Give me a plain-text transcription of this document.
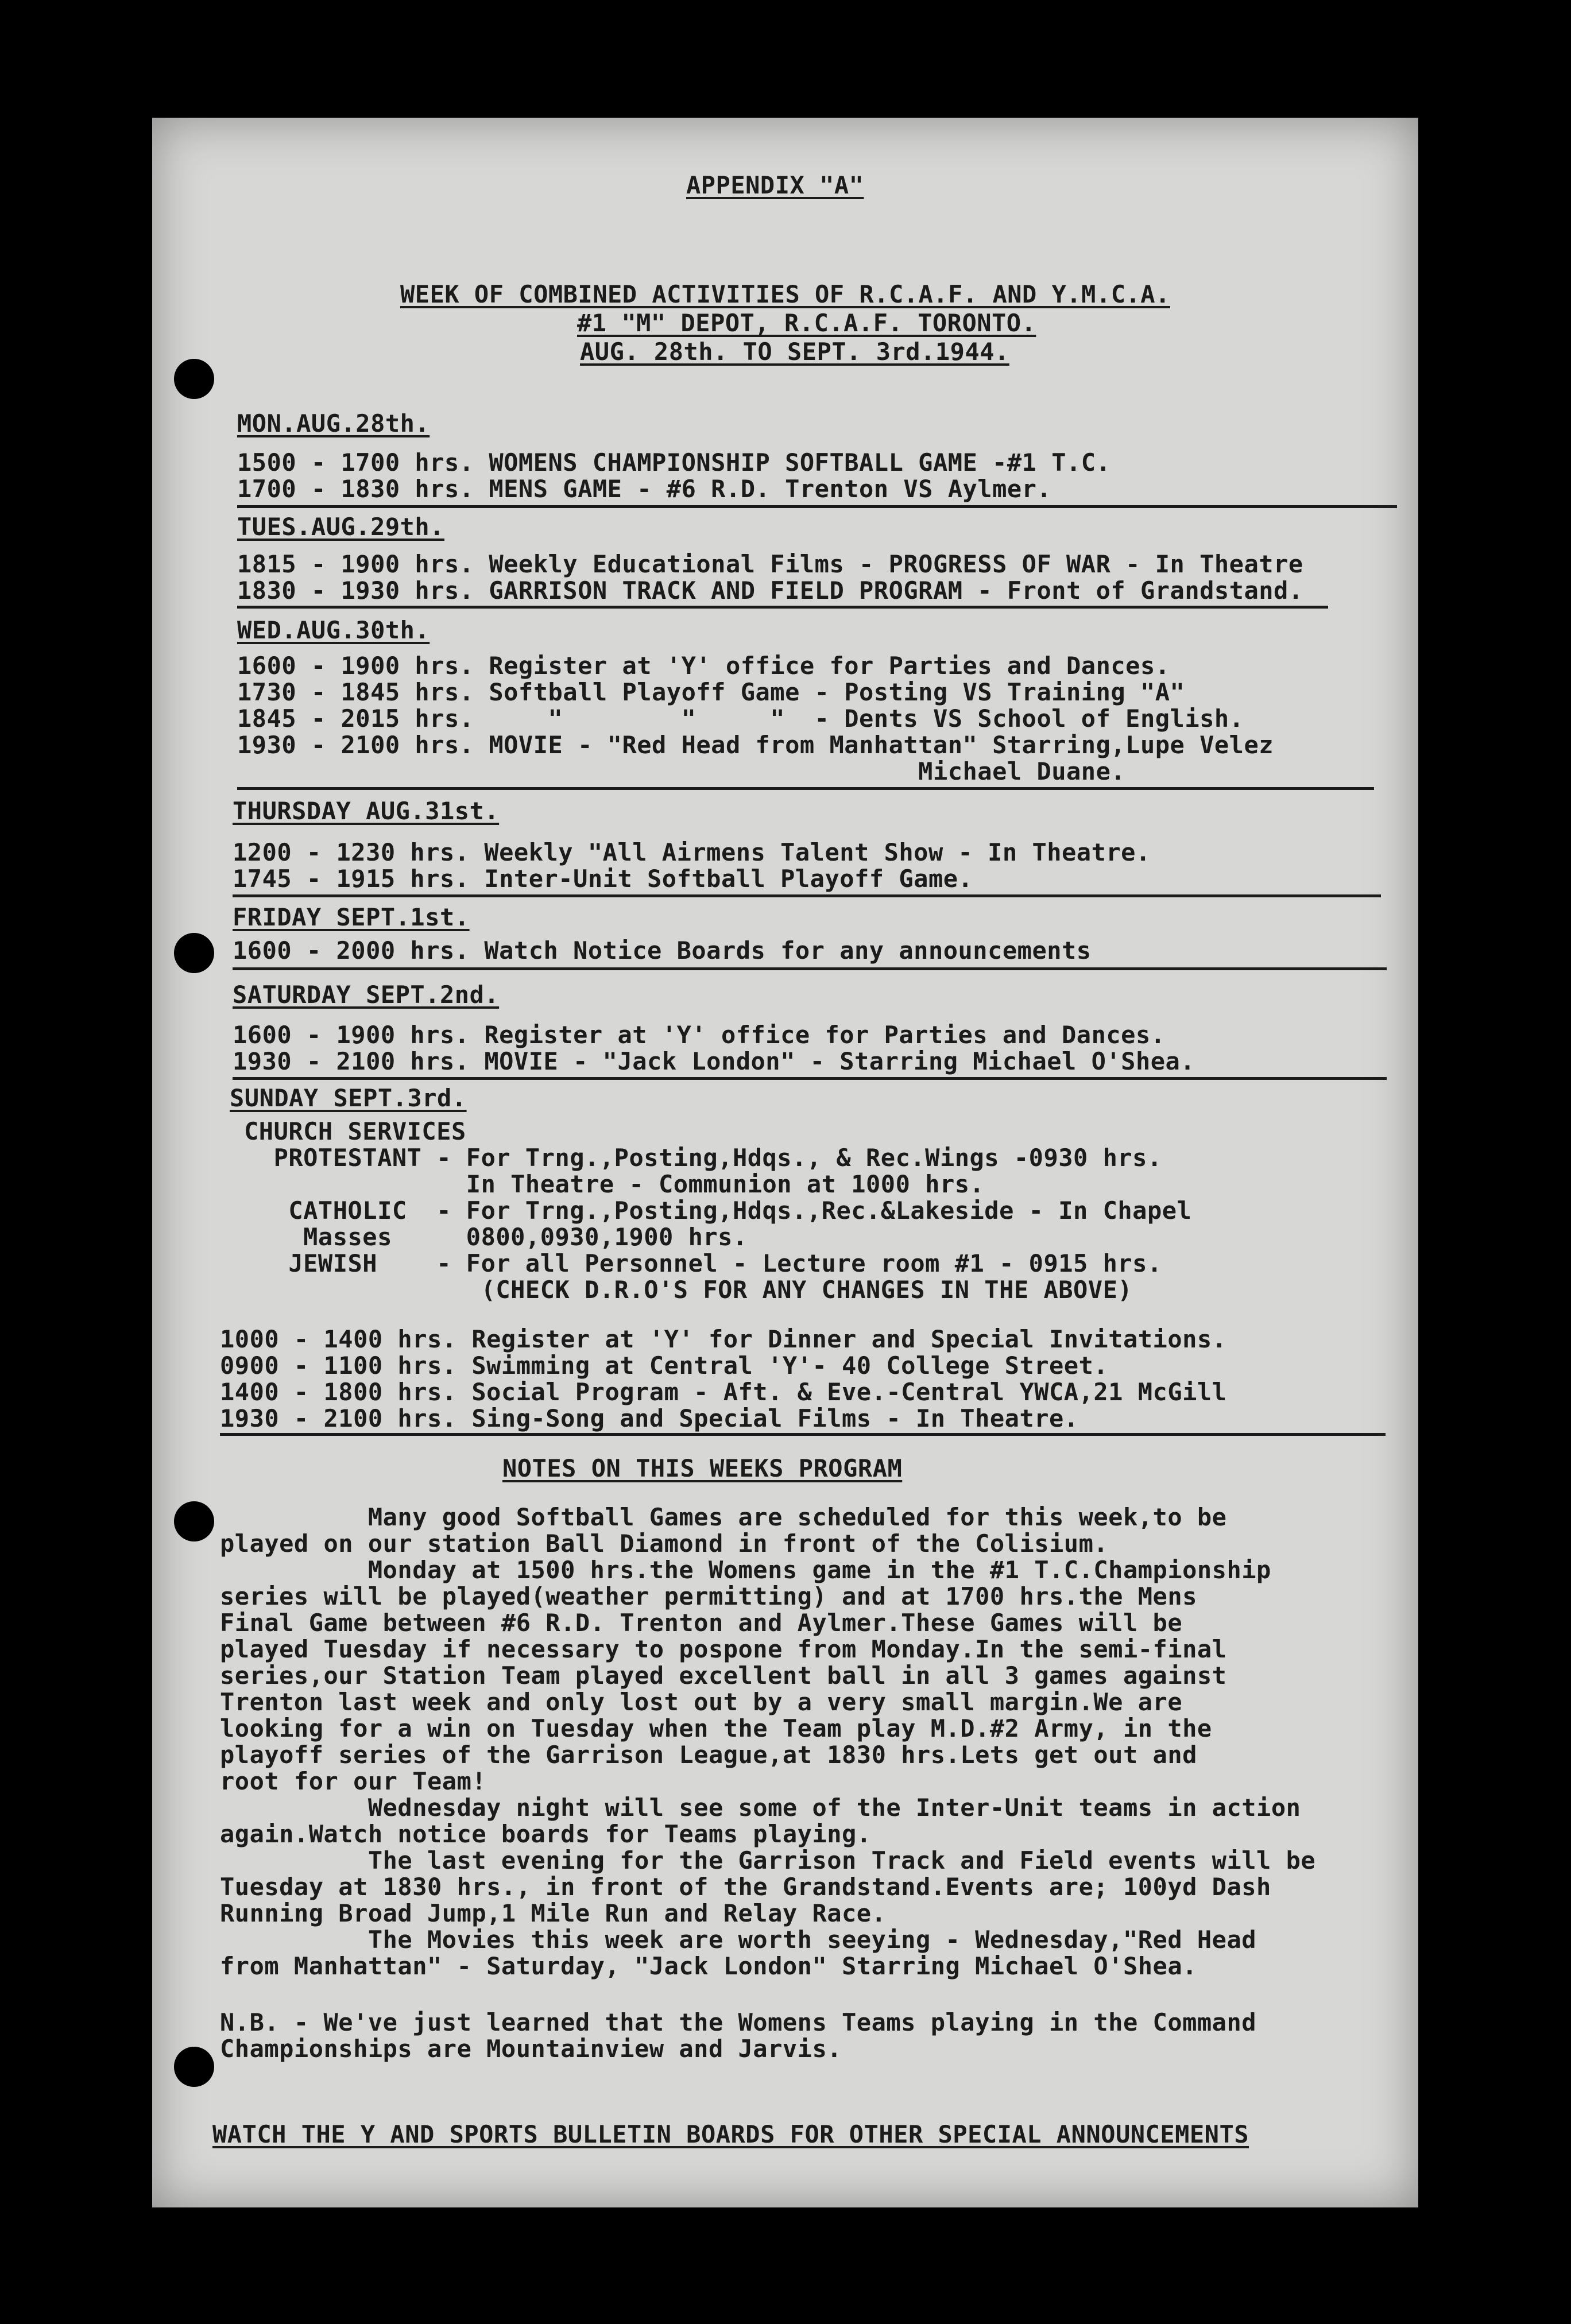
APPENDIX "A"
WEEK OF COMBINED ACTIVITIES OF R.C.A.F. AND Y.M.C.A.
#1 "M" DEPOT, R.C.A.F. TORONTO.
AUG. 28th. TO SEPT. 3rd.1944.
MON.AUG.28th.
1500 - 1700 hrs. WOMENS CHAMPIONSHIP SOFTBALL GAME -#1 T.C.
1700 - 1830 hrs. MENS GAME - #6 R.D. Trenton VS Aylmer.
TUES.AUG.29th.
1815 - 1900 hrs. Weekly Educational Films - PROGRESS OF WAR - In Theatre
1830 - 1930 hrs. GARRISON TRACK AND FIELD PROGRAM - Front of Grandstand.
WED.AUG.30th.
1600 - 1900 hrs. Register at 'Y' office for Parties and Dances.
1730 - 1845 hrs. Softball Playoff Game - Posting VS Training "A"
1845 - 2015 hrs.     "        "     "  - Dents VS School of English.
1930 - 2100 hrs. MOVIE - "Red Head from Manhattan" Starring,Lupe Velez
Michael Duane.
THURSDAY AUG.31st.
1200 - 1230 hrs. Weekly "All Airmens Talent Show - In Theatre.
1745 - 1915 hrs. Inter-Unit Softball Playoff Game.
FRIDAY SEPT.1st.
1600 - 2000 hrs. Watch Notice Boards for any announcements
SATURDAY SEPT.2nd.
1600 - 1900 hrs. Register at 'Y' office for Parties and Dances.
1930 - 2100 hrs. MOVIE - "Jack London" - Starring Michael O'Shea.
SUNDAY SEPT.3rd.
CHURCH SERVICES
PROTESTANT - For Trng.,Posting,Hdqs., & Rec.Wings -0930 hrs.
In Theatre - Communion at 1000 hrs.
CATHOLIC  - For Trng.,Posting,Hdqs.,Rec.&Lakeside - In Chapel
Masses     0800,0930,1900 hrs.
JEWISH    - For all Personnel - Lecture room #1 - 0915 hrs.
(CHECK D.R.O'S FOR ANY CHANGES IN THE ABOVE)
1000 - 1400 hrs. Register at 'Y' for Dinner and Special Invitations.
0900 - 1100 hrs. Swimming at Central 'Y'- 40 College Street.
1400 - 1800 hrs. Social Program - Aft. & Eve.-Central YWCA,21 McGill
1930 - 2100 hrs. Sing-Song and Special Films - In Theatre.
NOTES ON THIS WEEKS PROGRAM
Many good Softball Games are scheduled for this week,to be
played on our station Ball Diamond in front of the Colisium.
Monday at 1500 hrs.the Womens game in the #1 T.C.Championship
series will be played(weather permitting) and at 1700 hrs.the Mens
Final Game between #6 R.D. Trenton and Aylmer.These Games will be
played Tuesday if necessary to pospone from Monday.In the semi-final
series,our Station Team played excellent ball in all 3 games against
Trenton last week and only lost out by a very small margin.We are
looking for a win on Tuesday when the Team play M.D.#2 Army, in the
playoff series of the Garrison League,at 1830 hrs.Lets get out and
root for our Team!
Wednesday night will see some of the Inter-Unit teams in action
again.Watch notice boards for Teams playing.
The last evening for the Garrison Track and Field events will be
Tuesday at 1830 hrs., in front of the Grandstand.Events are; 100yd Dash
Running Broad Jump,1 Mile Run and Relay Race.
The Movies this week are worth seeying - Wednesday,"Red Head
from Manhattan" - Saturday, "Jack London" Starring Michael O'Shea.
N.B. - We've just learned that the Womens Teams playing in the Command
Championships are Mountainview and Jarvis.
WATCH THE Y AND SPORTS BULLETIN BOARDS FOR OTHER SPECIAL ANNOUNCEMENTS
